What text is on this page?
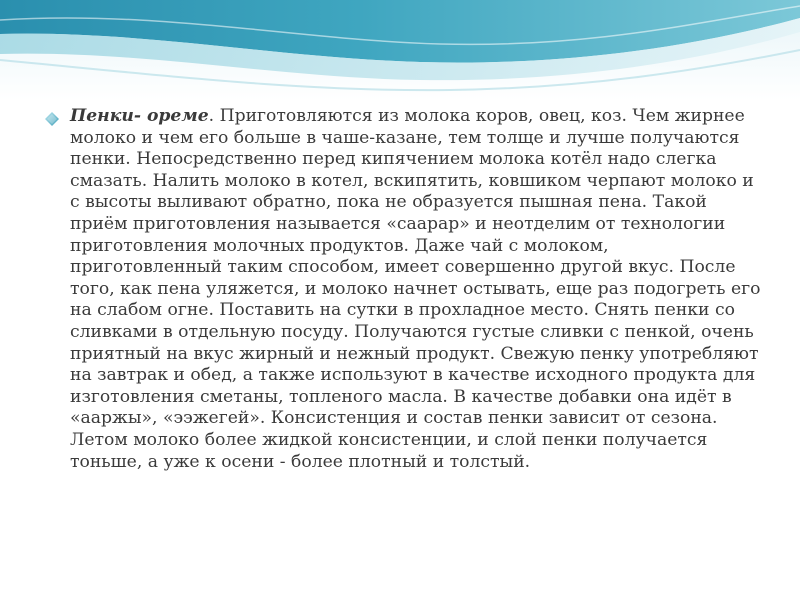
Пенки- ореме. Приготовляются из молока коров, овец, коз. Чем жирнее молоко и чем его больше в чаше-казане, тем толще и лучше получаются пенки. Непосредственно перед кипячением молока котёл надо слегка смазать. Налить молоко в котел, вскипятить, ковшиком черпают молоко и с высоты выливают обратно, пока не образуется пышная пена. Такой приём приготовления называется «саарар» и неотделим от технологии приготовления молочных продуктов. Даже чай с молоком, приготовленный таким способом, имеет совершенно другой вкус. После того, как пена уляжется, и молоко начнет остывать, еще раз подогреть его на слабом огне. Поставить на сутки в прохладное место. Снять пенки со сливками в отдельную посуду. Получаются густые сливки с пенкой, очень приятный на вкус жирный и нежный продукт. Свежую пенку употребляют на завтрак и обед, а также используют в качестве исходного продукта для изготовления сметаны, топленого масла. В качестве добавки она идёт в «ааржы», «ээжегей». Консистенция и состав пенки зависит от сезона. Летом молоко более жидкой консистенции, и слой пенки получается тоньше, а уже к осени - более плотный и толстый.
